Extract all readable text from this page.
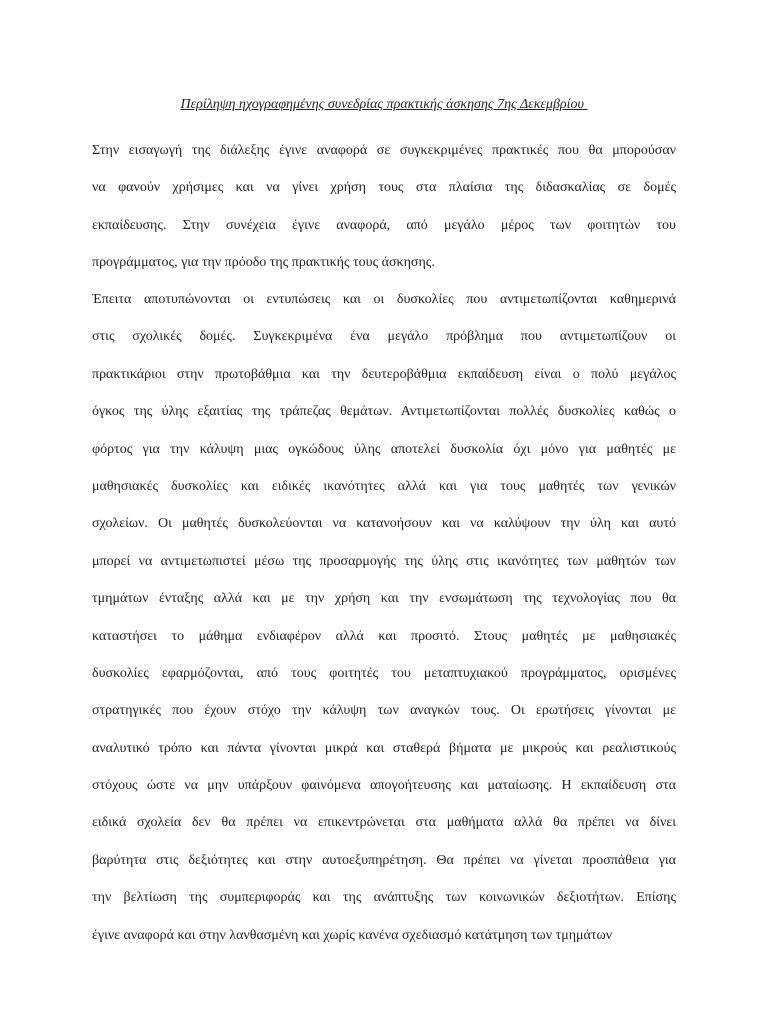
Περίληψη ηχογραφημένης συνεδρίας πρακτικής άσκησης 7ης Δεκεμβρίου
Στην εισαγωγή της διάλεξης έγινε αναφορά σε συγκεκριμένες πρακτικές που θα μπορούσαν
να φανούν χρήσιμες και να γίνει χρήση τους στα πλαίσια της διδασκαλίας σε δομές
εκπαίδευσης. Στην συνέχεια έγινε αναφορά, από μεγάλο μέρος των φοιτητών του
προγράμματος, για την πρόοδο της πρακτικής τους άσκησης.
Έπειτα αποτυπώνονται οι εντυπώσεις και οι δυσκολίες που αντιμετωπίζονται καθημερινά
στις σχολικές δομές. Συγκεκριμένα ένα μεγάλο πρόβλημα που αντιμετωπίζουν οι
πρακτικάριοι στην πρωτοβάθμια και την δευτεροβάθμια εκπαίδευση είναι ο πολύ μεγάλος
όγκος της ύλης εξαιτίας της τράπεζας θεμάτων. Αντιμετωπίζονται πολλές δυσκολίες καθώς ο
φόρτος για την κάλυψη μιας ογκώδους ύλης αποτελεί δυσκολία όχι μόνο για μαθητές με
μαθησιακές δυσκολίες και ειδικές ικανότητες αλλά και για τους μαθητές των γενικών
σχολείων. Οι μαθητές δυσκολεύονται να κατανοήσουν και να καλύψουν την ύλη και αυτό
μπορεί να αντιμετωπιστεί μέσω της προσαρμογής της ύλης στις ικανότητες των μαθητών των
τμημάτων ένταξης αλλά και με την χρήση και την ενσωμάτωση της τεχνολογίας που θα
καταστήσει το μάθημα ενδιαφέρον αλλά και προσιτό. Στους μαθητές με μαθησιακές
δυσκολίες εφαρμόζονται, από τους φοιτητές του μεταπτυχιακού προγράμματος, ορισμένες
στρατηγικές που έχουν στόχο την κάλυψη των αναγκών τους. Οι ερωτήσεις γίνονται με
αναλυτικό τρόπο και πάντα γίνονται μικρά και σταθερά βήματα με μικρούς και ρεαλιστικούς
στόχους ώστε να μην υπάρξουν φαινόμενα απογοήτευσης και ματαίωσης. Η εκπαίδευση στα
ειδικά σχολεία δεν θα πρέπει να επικεντρώνεται στα μαθήματα αλλά θα πρέπει να δίνει
βαρύτητα στις δεξιότητες και στην αυτοεξυπηρέτηση. Θα πρέπει να γίνεται προσπάθεια για
την βελτίωση της συμπεριφοράς και της ανάπτυξης των κοινωνικών δεξιοτήτων. Επίσης
έγινε αναφορά και στην λανθασμένη και χωρίς κανένα σχεδιασμό κατάτμηση των τμημάτων
